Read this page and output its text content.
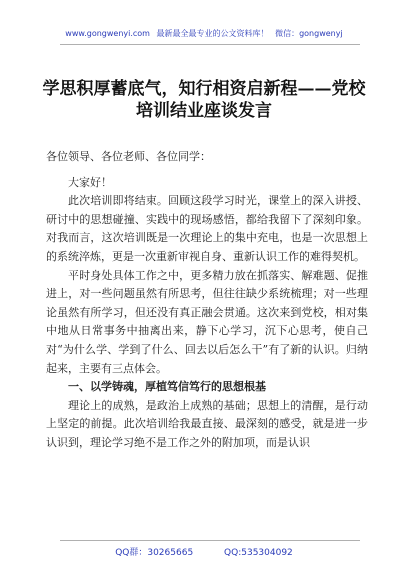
www.gongwenyi.com 最新最全最专业的公文资料库！ 微信：gongwenyj
学思积厚蓄底气，知行相资启新程——党校培训结业座谈发言

各位领导、各位老师、各位同学：

大家好！

此次培训即将结束。回顾这段学习时光，课堂上的深入讲授、研讨中的思想碰撞、实践中的现场感悟，都给我留下了深刻印象。对我而言，这次培训既是一次理论上的集中充电，也是一次思想上的系统淬炼，更是一次重新审视自身、重新认识工作的难得契机。

平时身处具体工作之中，更多精力放在抓落实、解难题、促推进上，对一些问题虽然有所思考，但往往缺少系统梳理；对一些理论虽然有所学习，但还没有真正融会贯通。这次来到党校，相对集中地从日常事务中抽离出来，静下心学习，沉下心思考，使自己对“为什么学、学到了什么、回去以后怎么干”有了新的认识。归纳起来，主要有三点体会。

一、以学铸魂，厚植笃信笃行的思想根基

理论上的成熟，是政治上成熟的基础；思想上的清醒，是行动上坚定的前提。此次培训给我最直接、最深刻的感受，就是进一步认识到，理论学习绝不是工作之外的附加项，而是认识

QQ群：30265665	QQ:535304092
